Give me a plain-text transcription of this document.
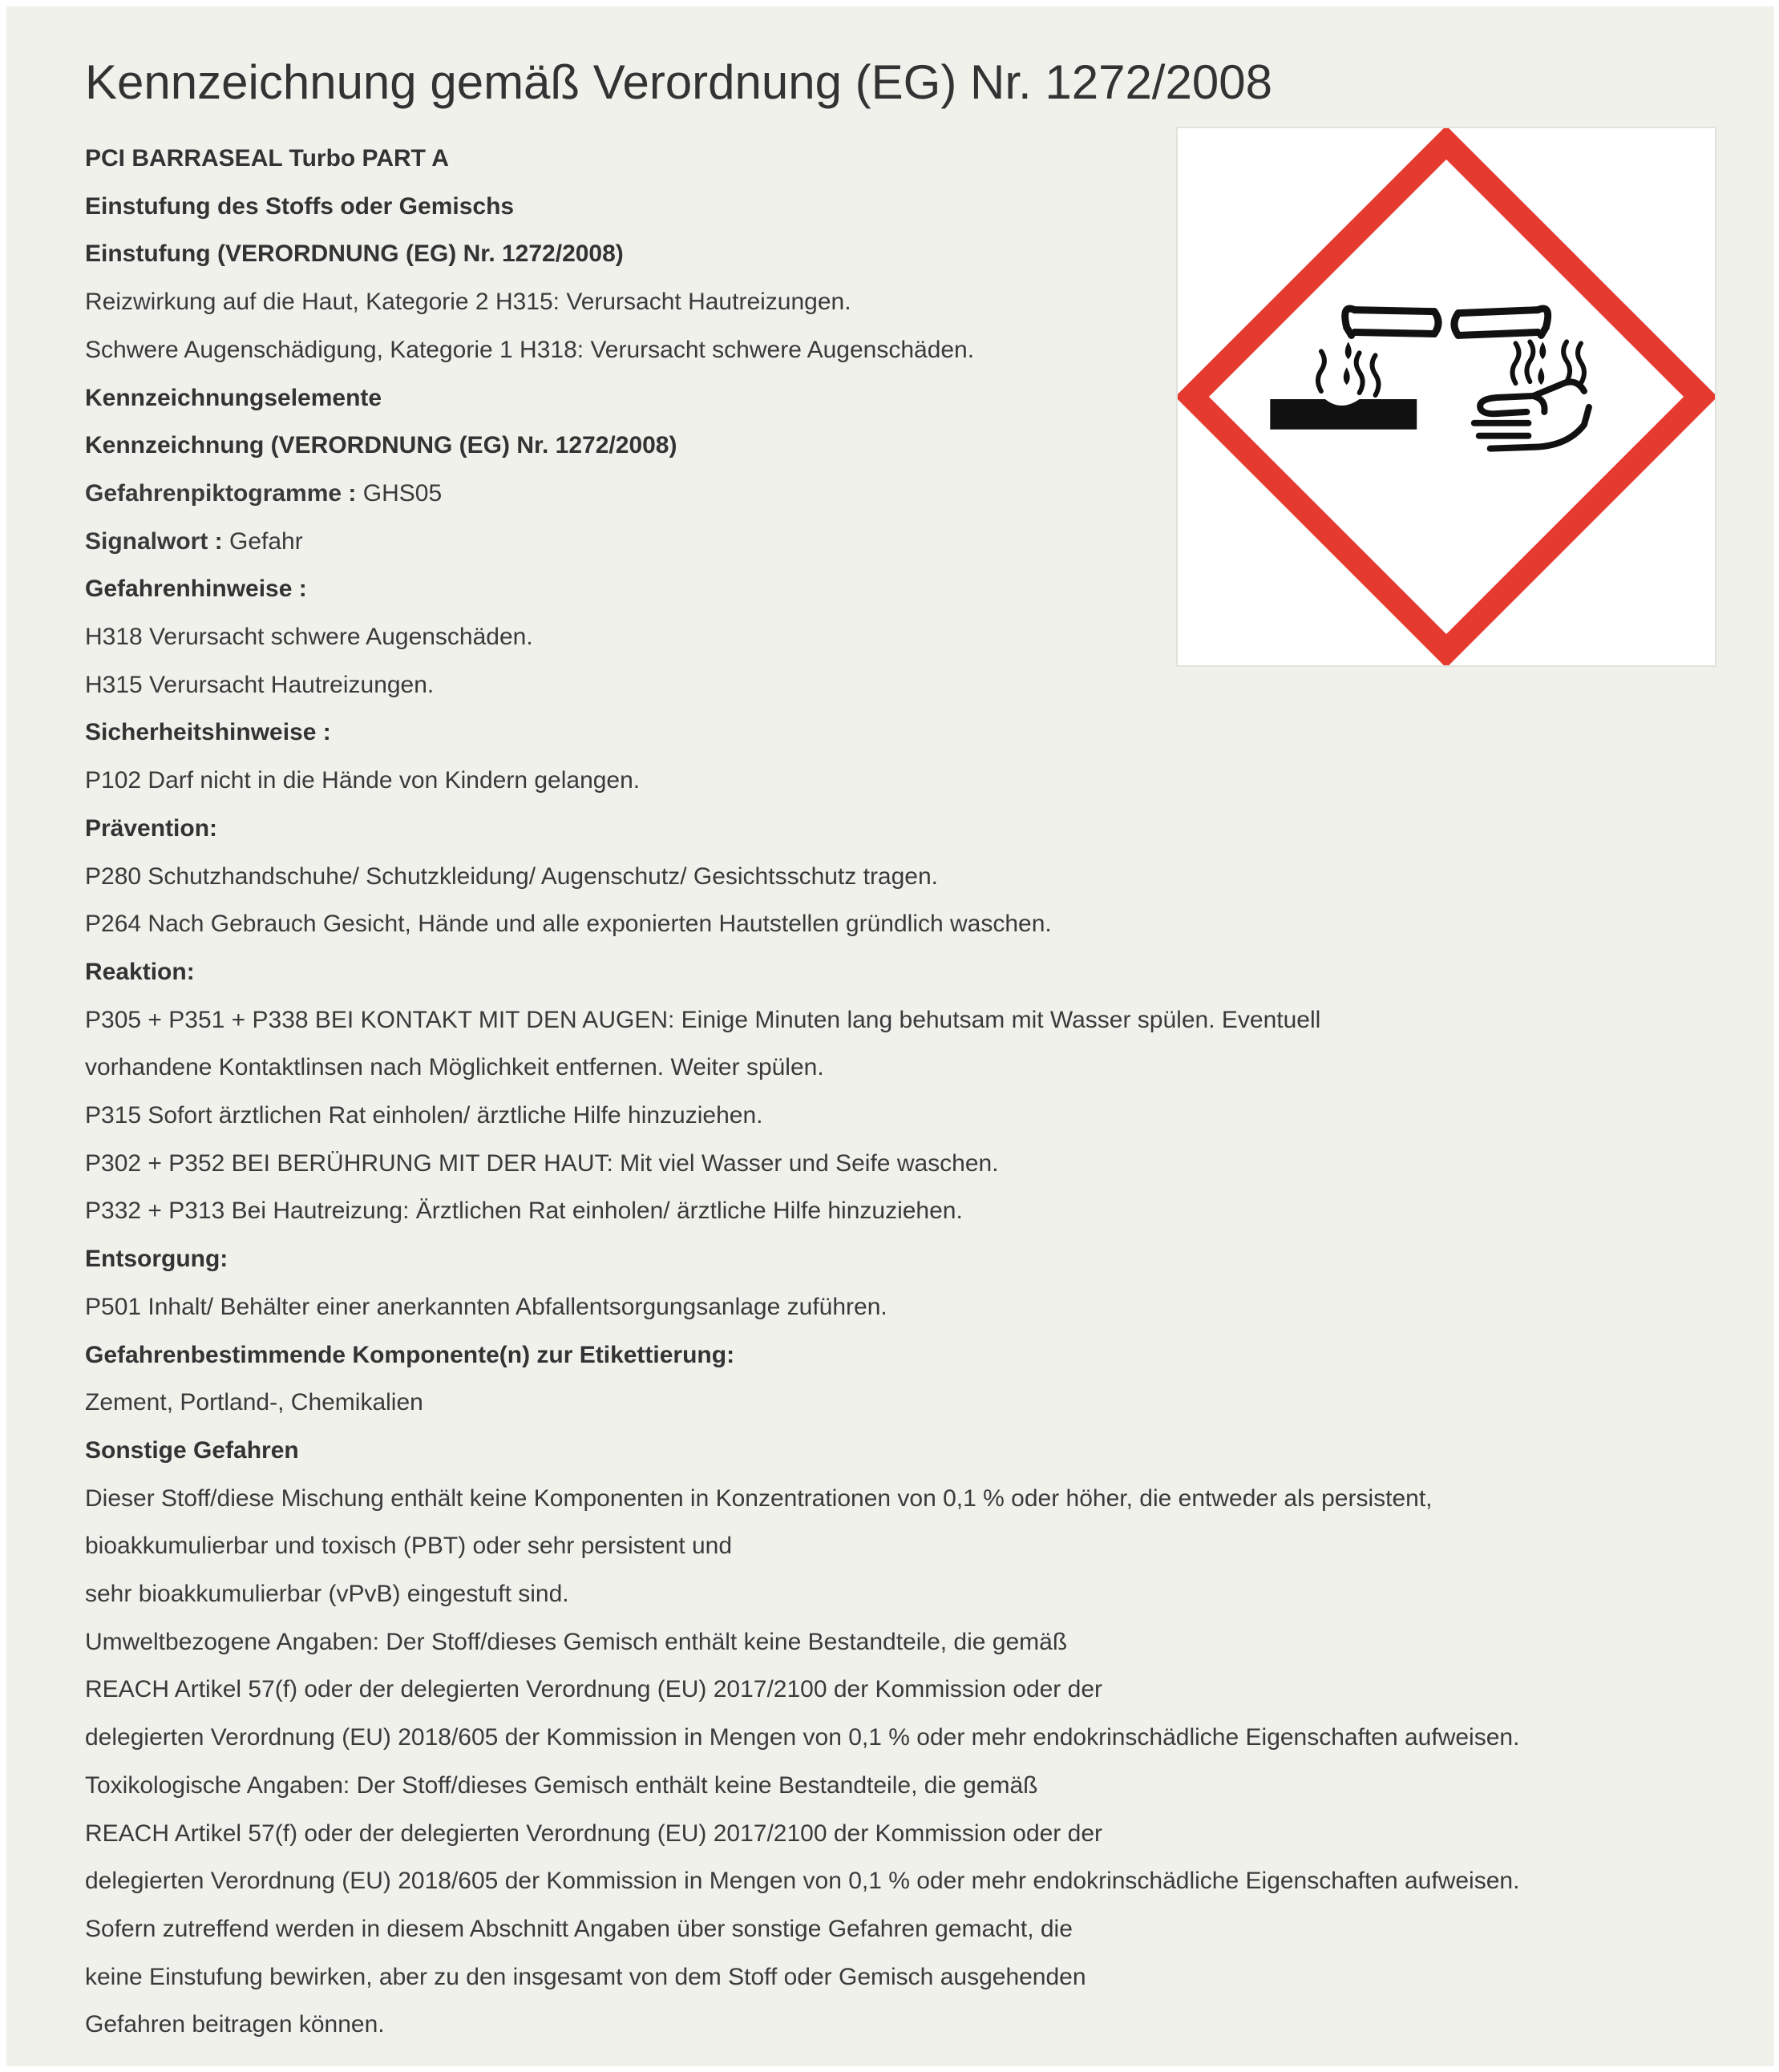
Kennzeichnung gemäß Verordnung (EG) Nr. 1272/2008
PCI BARRASEAL Turbo PART A
Einstufung des Stoffs oder Gemischs
Einstufung (VERORDNUNG (EG) Nr. 1272/2008)
Reizwirkung auf die Haut, Kategorie 2 H315: Verursacht Hautreizungen.
Schwere Augenschädigung, Kategorie 1 H318: Verursacht schwere Augenschäden.
Kennzeichnungselemente
Kennzeichnung (VERORDNUNG (EG) Nr. 1272/2008)
Gefahrenpiktogramme : GHS05
Signalwort : Gefahr
Gefahrenhinweise :
H318 Verursacht schwere Augenschäden.
H315 Verursacht Hautreizungen.
Sicherheitshinweise :
P102 Darf nicht in die Hände von Kindern gelangen.
Prävention:
P280 Schutzhandschuhe/ Schutzkleidung/ Augenschutz/ Gesichtsschutz tragen.
P264 Nach Gebrauch Gesicht, Hände und alle exponierten Hautstellen gründlich waschen.
Reaktion:
P305 + P351 + P338 BEI KONTAKT MIT DEN AUGEN: Einige Minuten lang behutsam mit Wasser spülen. Eventuell
vorhandene Kontaktlinsen nach Möglichkeit entfernen. Weiter spülen.
P315 Sofort ärztlichen Rat einholen/ ärztliche Hilfe hinzuziehen.
P302 + P352 BEI BERÜHRUNG MIT DER HAUT: Mit viel Wasser und Seife waschen.
P332 + P313 Bei Hautreizung: Ärztlichen Rat einholen/ ärztliche Hilfe hinzuziehen.
Entsorgung:
P501 Inhalt/ Behälter einer anerkannten Abfallentsorgungsanlage zuführen.
Gefahrenbestimmende Komponente(n) zur Etikettierung:
Zement, Portland-, Chemikalien
Sonstige Gefahren
Dieser Stoff/diese Mischung enthält keine Komponenten in Konzentrationen von 0,1 % oder höher, die entweder als persistent,
bioakkumulierbar und toxisch (PBT) oder sehr persistent und
sehr bioakkumulierbar (vPvB) eingestuft sind.
Umweltbezogene Angaben: Der Stoff/dieses Gemisch enthält keine Bestandteile, die gemäß
REACH Artikel 57(f) oder der delegierten Verordnung (EU) 2017/2100 der Kommission oder der
delegierten Verordnung (EU) 2018/605 der Kommission in Mengen von 0,1 % oder mehr endokrinschädliche Eigenschaften aufweisen.
Toxikologische Angaben: Der Stoff/dieses Gemisch enthält keine Bestandteile, die gemäß
REACH Artikel 57(f) oder der delegierten Verordnung (EU) 2017/2100 der Kommission oder der
delegierten Verordnung (EU) 2018/605 der Kommission in Mengen von 0,1 % oder mehr endokrinschädliche Eigenschaften aufweisen.
Sofern zutreffend werden in diesem Abschnitt Angaben über sonstige Gefahren gemacht, die
keine Einstufung bewirken, aber zu den insgesamt von dem Stoff oder Gemisch ausgehenden
Gefahren beitragen können.
